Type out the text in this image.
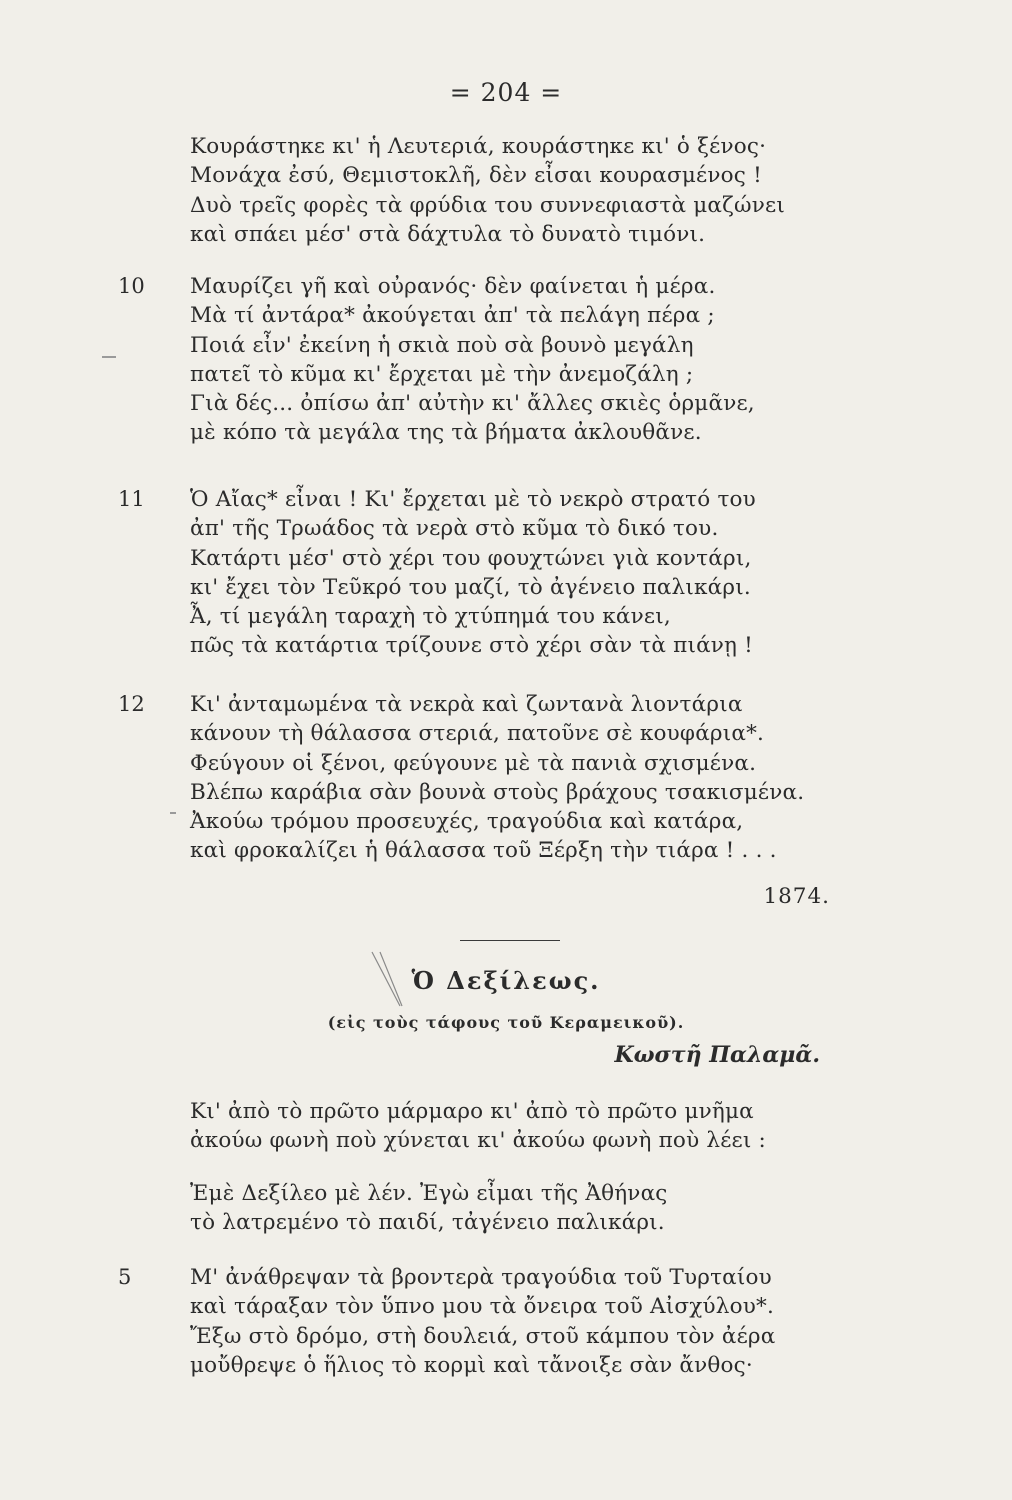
= 204 =
Κουράστηκε κι' ἡ Λευτεριά, κουράστηκε κι' ὁ ξένος·
Μονάχα ἐσύ, Θεμιστοκλῆ, δὲν εἶσαι κουρασμένος !
Δυὸ τρεῖς φορὲς τὰ φρύδια του συννεφιαστὰ μαζώνει
καὶ σπάει μέσ' στὰ δάχτυλα τὸ δυνατὸ τιμόνι.
10 Μαυρίζει γῆ καὶ οὐρανός· δὲν φαίνεται ἡ μέρα.
Μὰ τί ἀντάρα* ἀκούγεται ἀπ' τὰ πελάγη πέρα ;
Ποιά εἶν' ἐκείνη ἡ σκιὰ ποὺ σὰ βουνὸ μεγάλη
πατεῖ τὸ κῦμα κι' ἔρχεται μὲ τὴν ἀνεμοζάλη ;
Γιὰ δές... ὀπίσω ἀπ' αὐτὴν κι' ἄλλες σκιὲς ὁρμᾶνε,
μὲ κόπο τὰ μεγάλα της τὰ βήματα ἀκλουθᾶνε.
11 Ὁ Αἴας* εἶναι ! Κι' ἔρχεται μὲ τὸ νεκρὸ στρατό του
ἀπ' τῆς Τρωάδος τὰ νερὰ στὸ κῦμα τὸ δικό του.
Κατάρτι μέσ' στὸ χέρι του φουχτώνει γιὰ κοντάρι,
κι' ἔχει τὸν Τεῦκρό του μαζί, τὸ ἀγένειο παλικάρι.
Ἆ, τί μεγάλη ταραχὴ τὸ χτύπημά του κάνει,
πῶς τὰ κατάρτια τρίζουνε στὸ χέρι σὰν τὰ πιάνῃ !
12 Κι' ἀνταμωμένα τὰ νεκρὰ καὶ ζωντανὰ λιοντάρια
κάνουν τὴ θάλασσα στεριά, πατοῦνε σὲ κουφάρια*.
Φεύγουν οἱ ξένοι, φεύγουνε μὲ τὰ πανιὰ σχισμένα.
Βλέπω καράβια σὰν βουνὰ στοὺς βράχους τσακισμένα.
Ἀκούω τρόμου προσευχές, τραγούδια καὶ κατάρα,
καὶ φροκαλίζει ἡ θάλασσα τοῦ Ξέρξη τὴν τιάρα ! . . .
1874.
Ὁ Δεξίλεως.
(εἰς τοὺς τάφους τοῦ Κεραμεικοῦ).
Κωστῆ Παλαμᾶ.
Κι' ἀπὸ τὸ πρῶτο μάρμαρο κι' ἀπὸ τὸ πρῶτο μνῆμα
ἀκούω φωνὴ ποὺ χύνεται κι' ἀκούω φωνὴ ποὺ λέει :
Ἐμὲ Δεξίλεο μὲ λέν. Ἐγὼ εἶμαι τῆς Ἀθήνας
τὸ λατρεμένο τὸ παιδί, τἀγένειο παλικάρι.
5	Μ' ἀνάθρεψαν τὰ βροντερὰ τραγούδια τοῦ Τυρταίου
καὶ τάραξαν τὸν ὕπνο μου τὰ ὄνειρα τοῦ Αἰσχύλου*.
Ἔξω στὸ δρόμο, στὴ δουλειά, στοῦ κάμπου τὸν ἀέρα
μοὔθρεψε ὁ ἥλιος τὸ κορμὶ καὶ τἄνοιξε σὰν ἄνθος·
